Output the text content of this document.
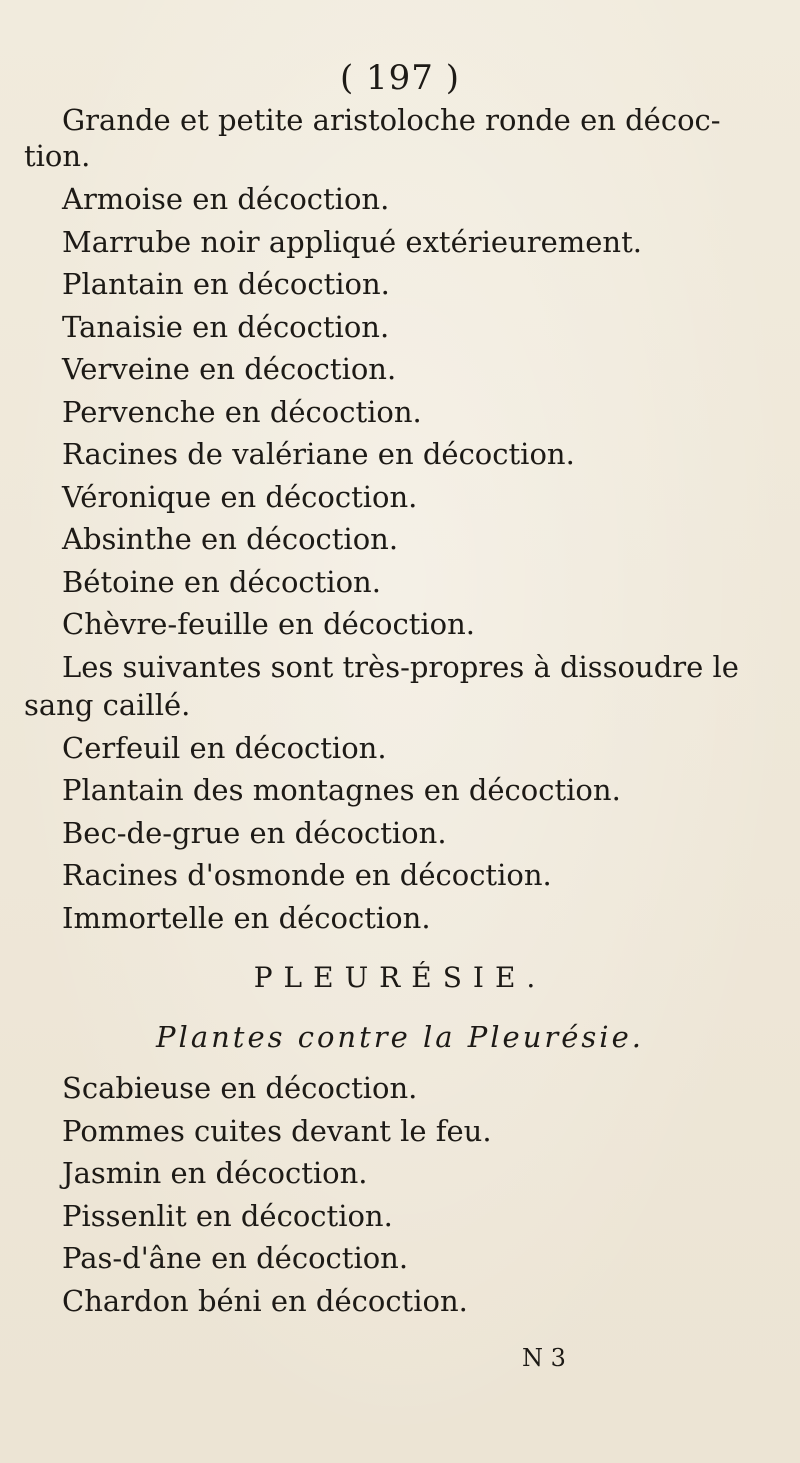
( 197 )
Grande et petite aristoloche ronde en décoc-
tion.
Armoise en décoction.
Marrube noir appliqué extérieurement.
Plantain en décoction.
Tanaisie en décoction.
Verveine en décoction.
Pervenche en décoction.
Racines de valériane en décoction.
Véronique en décoction.
Absinthe en décoction.
Bétoine en décoction.
Chèvre-feuille en décoction.
Les suivantes sont très-propres à dissoudre le
sang caillé.
Cerfeuil en décoction.
Plantain des montagnes en décoction.
Bec-de-grue en décoction.
Racines d'osmonde en décoction.
Immortelle en décoction.
PLEURÉSIE.
Plantes contre la Pleurésie.
Scabieuse en décoction.
Pommes cuites devant le feu.
Jasmin en décoction.
Pissenlit en décoction.
Pas-d'âne en décoction.
Chardon béni en décoction.
N 3
